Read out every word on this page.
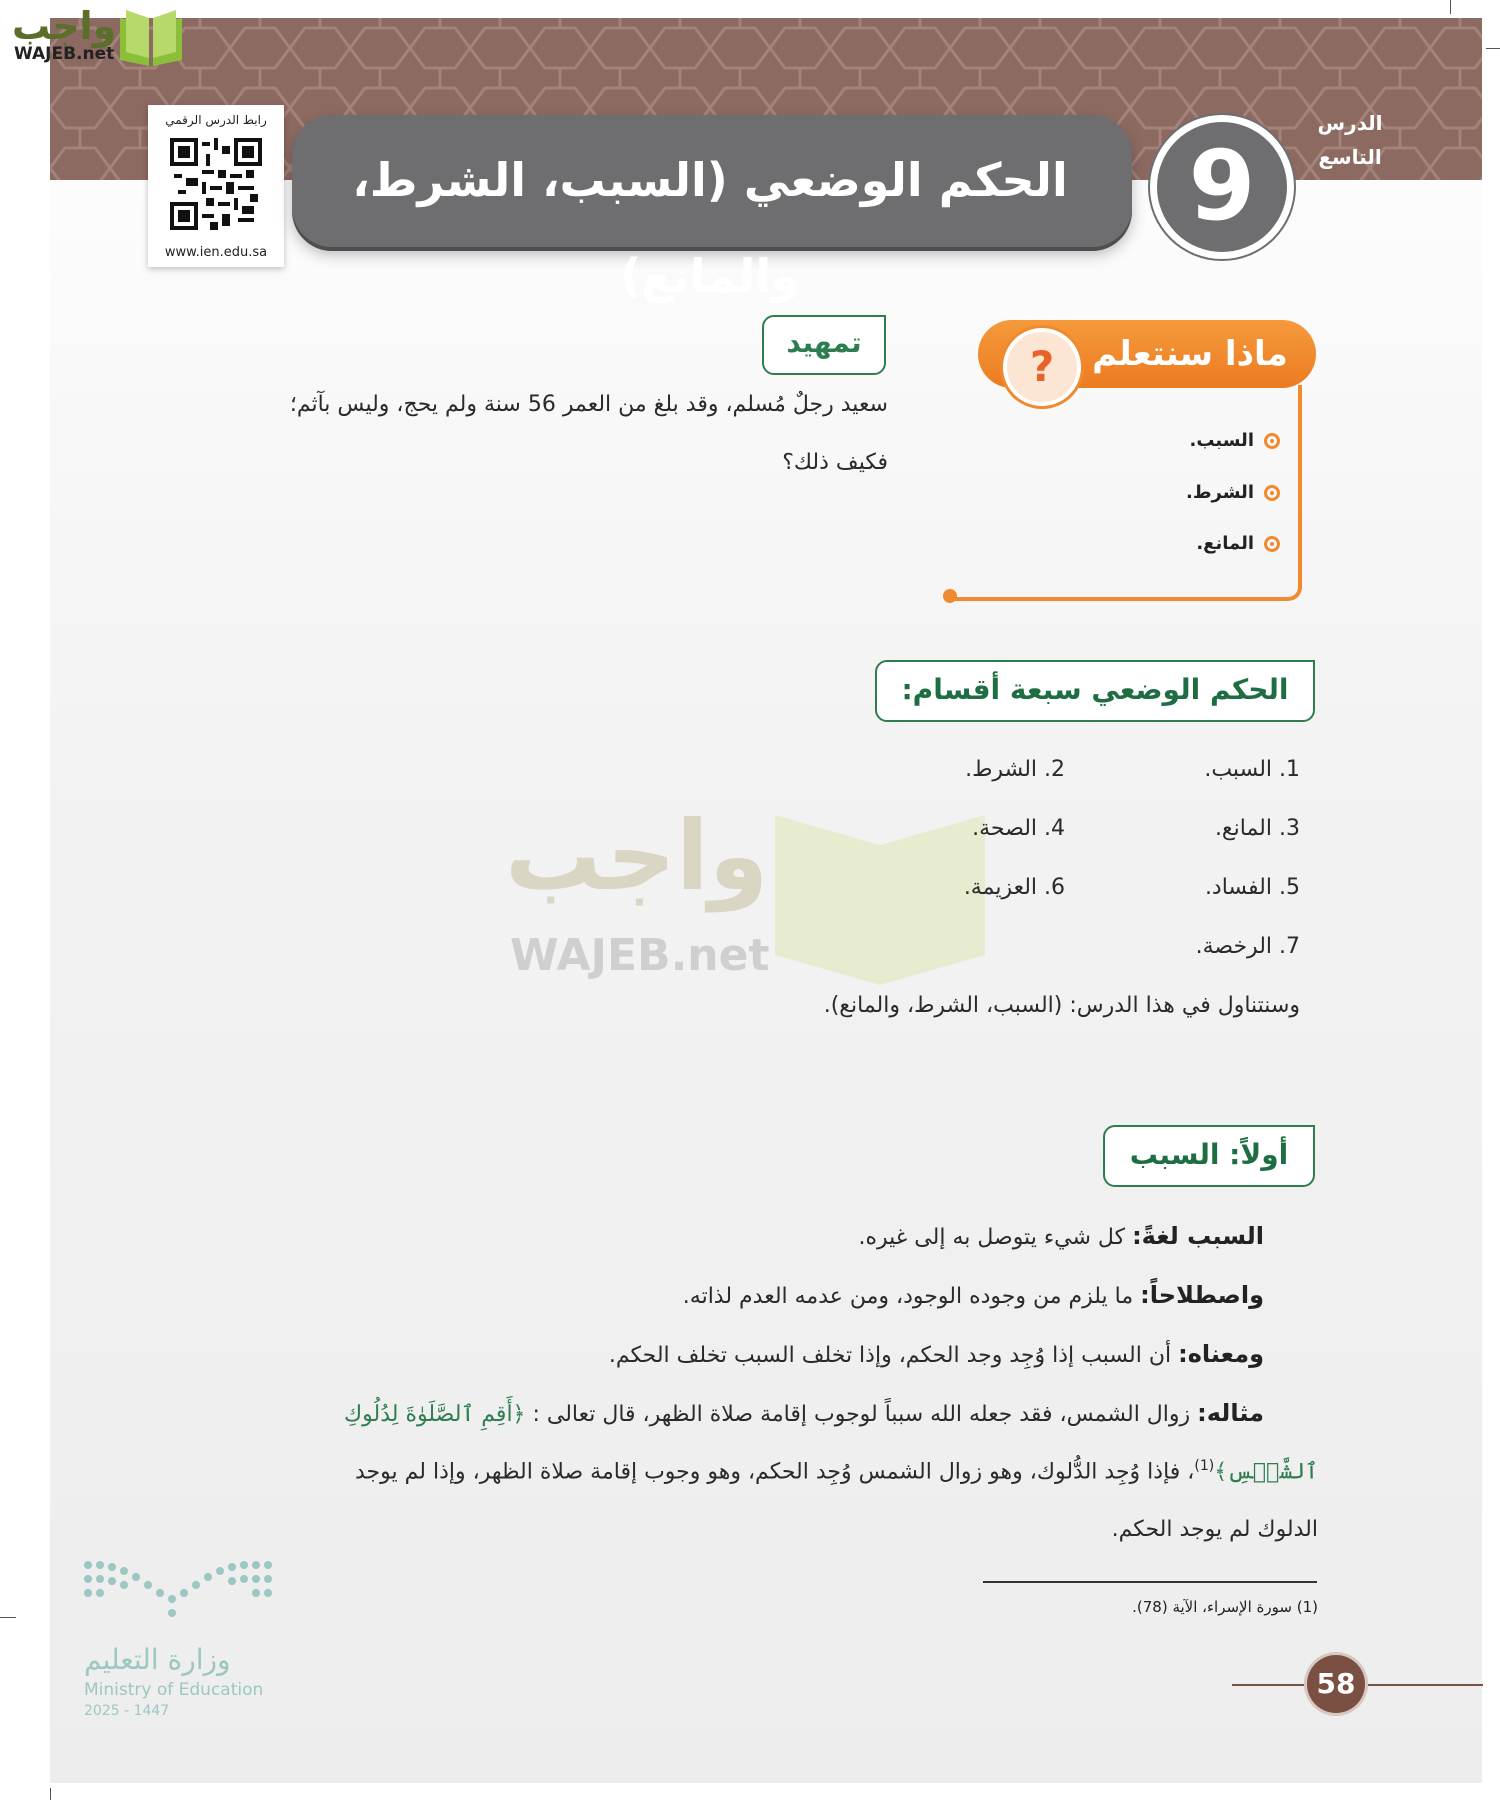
واجب
WAJEB.net
رابط الدرس الرقمي
www.ien.edu.sa
الحكم الوضعي (السبب، الشرط، والمانع)
9
الدرس
التاسع
ماذا سنتعلم
?
السبب.
الشرط.
المانع.
تمهيد
سعيد رجلٌ مُسلم، وقد بلغ من العمر 56 سنة ولم يحج، وليس بآثم؛
فكيف ذلك؟
الحكم الوضعي سبعة أقسام:
واجب
WAJEB.net
1. السبب.
2. الشرط.
3. المانع.
4. الصحة.
5. الفساد.
6. العزيمة.
7. الرخصة.
وسنتناول في هذا الدرس: (السبب، الشرط، والمانع).
أولاً: السبب
السبب لغةً: كل شيء يتوصل به إلى غيره.
واصطلاحاً: ما يلزم من وجوده الوجود، ومن عدمه العدم لذاته.
ومعناه: أن السبب إذا وُجِد وجد الحكم، وإذا تخلف السبب تخلف الحكم.
مثاله: زوال الشمس، فقد جعله الله سبباً لوجوب إقامة صلاة الظهر، قال تعالى : ﴿أَقِمِ ٱلصَّلَوٰةَ لِدُلُوكِ
ٱلشَّمۡسِ﴾$^{(1)}$، فإذا وُجِد الدُّلوك، وهو زوال الشمس وُجِد الحكم، وهو وجوب إقامة صلاة الظهر، وإذا لم يوجد
الدلوك لم يوجد الحكم.
(1) سورة الإسراء، الآية (78).
58
وزارة التعليم
Ministry of Education
2025 - 1447
